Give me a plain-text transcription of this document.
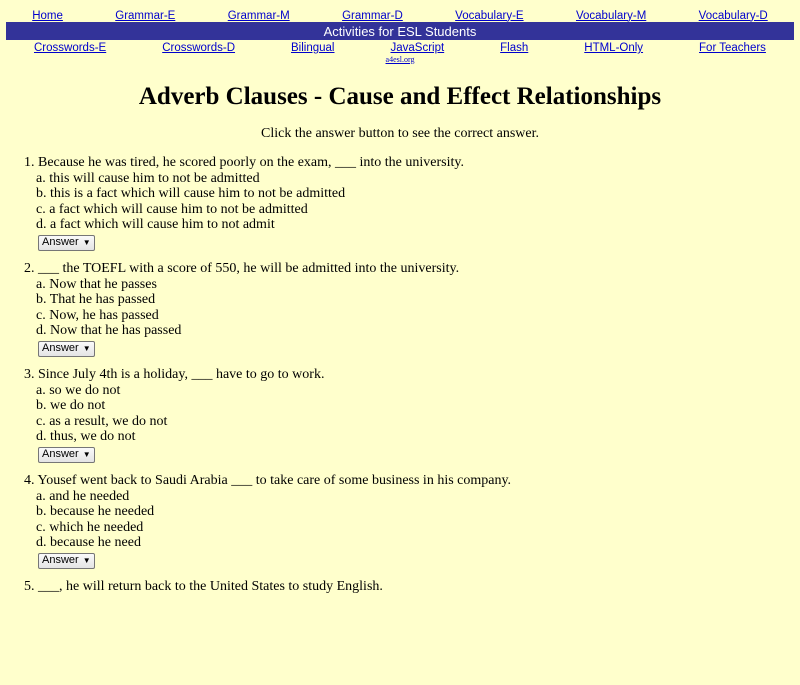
Home	Grammar-E	Grammar-M	Grammar-D	Vocabulary-E	Vocabulary-M	Vocabulary-D
Activities for ESL Students
Crosswords-E	Crosswords-D	Bilingual	JavaScript	Flash	HTML-Only	For Teachers
a4esl.org
Adverb Clauses - Cause and Effect Relationships
Click the answer button to see the correct answer.
1. Because he was tired, he scored poorly on the exam, ___ into the university.
a. this will cause him to not be admitted
b. this is a fact which will cause him to not be admitted
c. a fact which will cause him to not be admitted
d. a fact which will cause him to not admit
Answer ▼
2. ___ the TOEFL with a score of 550, he will be admitted into the university.
a. Now that he passes
b. That he has passed
c. Now, he has passed
d. Now that he has passed
Answer ▼
3. Since July 4th is a holiday, ___ have to go to work.
a. so we do not
b. we do not
c. as a result, we do not
d. thus, we do not
Answer ▼
4. Yousef went back to Saudi Arabia ___ to take care of some business in his company.
a. and he needed
b. because he needed
c. which he needed
d. because he need
Answer ▼
5. ___, he will return back to the United States to study English.
